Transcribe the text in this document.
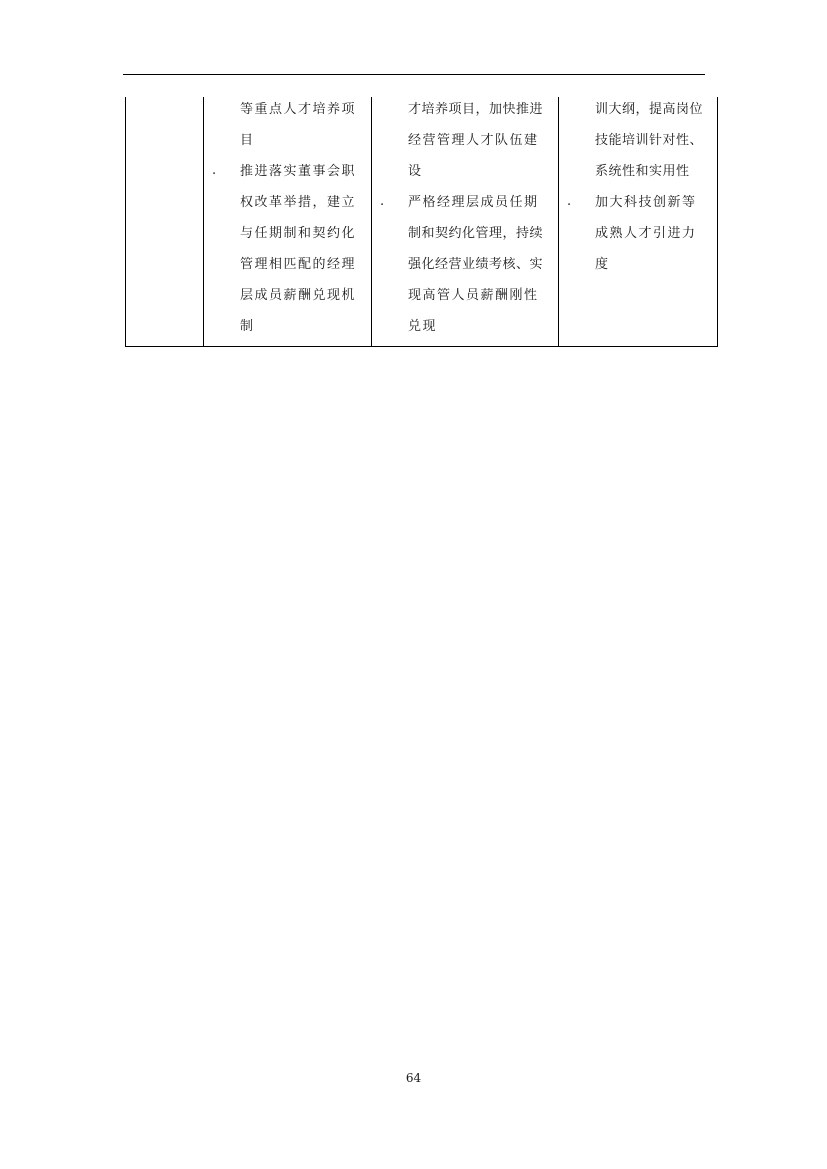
等重点人才培养项
目
· 推进落实董事会职
权改革举措，建立
与任期制和契约化
管理相匹配的经理
层成员薪酬兑现机
制
才培养项目，加快推进
经营管理人才队伍建
设
· 严格经理层成员任期
制和契约化管理，持续
强化经营业绩考核、实
现高管人员薪酬刚性
兑现
训大纲，提高岗位
技能培训针对性、
系统性和实用性
· 加大科技创新等
成熟人才引进力
度
64
